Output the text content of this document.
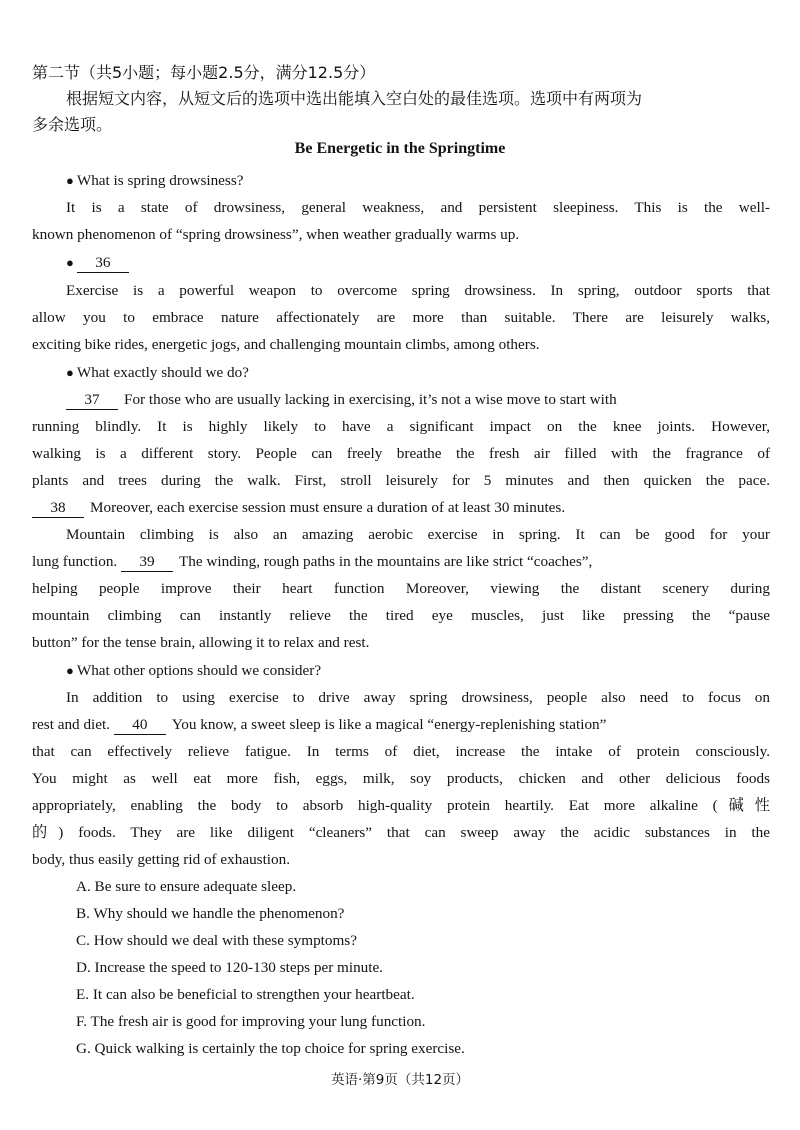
第二节（共5小题；每小题2.5分，满分12.5分）
根据短文内容，从短文后的选项中选出能填入空白处的最佳选项。选项中有两项为
多余选项。
Be Energetic in the Springtime
● What is spring drowsiness?
It is a state of drowsiness, general weakness, and persistent sleepiness. This is the well-
known phenomenon of “spring drowsiness”, when weather gradually warms up.
● 36
Exercise is a powerful weapon to overcome spring drowsiness. In spring, outdoor sports that
allow you to embrace nature affectionately are more than suitable. There are leisurely walks,
exciting bike rides, energetic jogs, and challenging mountain climbs, among others.
● What exactly should we do?
37 For those who are usually lacking in exercising, it’s not a wise move to start with
running blindly. It is highly likely to have a significant impact on the knee joints. However,
walking is a different story. People can freely breathe the fresh air filled with the fragrance of
plants and trees during the walk. First, stroll leisurely for 5 minutes and then quicken the pace.
38 Moreover, each exercise session must ensure a duration of at least 30 minutes.
Mountain climbing is also an amazing aerobic exercise in spring. It can be good for your
lung function. 39 The winding, rough paths in the mountains are like strict “coaches”,
helping people improve their heart function Moreover, viewing the distant scenery during
mountain climbing can instantly relieve the tired eye muscles, just like pressing the “pause
button” for the tense brain, allowing it to relax and rest.
● What other options should we consider?
In addition to using exercise to drive away spring drowsiness, people also need to focus on
rest and diet. 40 You know, a sweet sleep is like a magical “energy-replenishing station”
that can effectively relieve fatigue. In terms of diet, increase the intake of protein consciously.
You might as well eat more fish, eggs, milk, soy products, chicken and other delicious foods
appropriately, enabling the body to absorb high-quality protein heartily. Eat more alkaline (碱性
的) foods. They are like diligent “cleaners” that can sweep away the acidic substances in the
body, thus easily getting rid of exhaustion.
A. Be sure to ensure adequate sleep.
B. Why should we handle the phenomenon?
C. How should we deal with these symptoms?
D. Increase the speed to 120-130 steps per minute.
E. It can also be beneficial to strengthen your heartbeat.
F. The fresh air is good for improving your lung function.
G. Quick walking is certainly the top choice for spring exercise.
英语·第9页（共12页）
